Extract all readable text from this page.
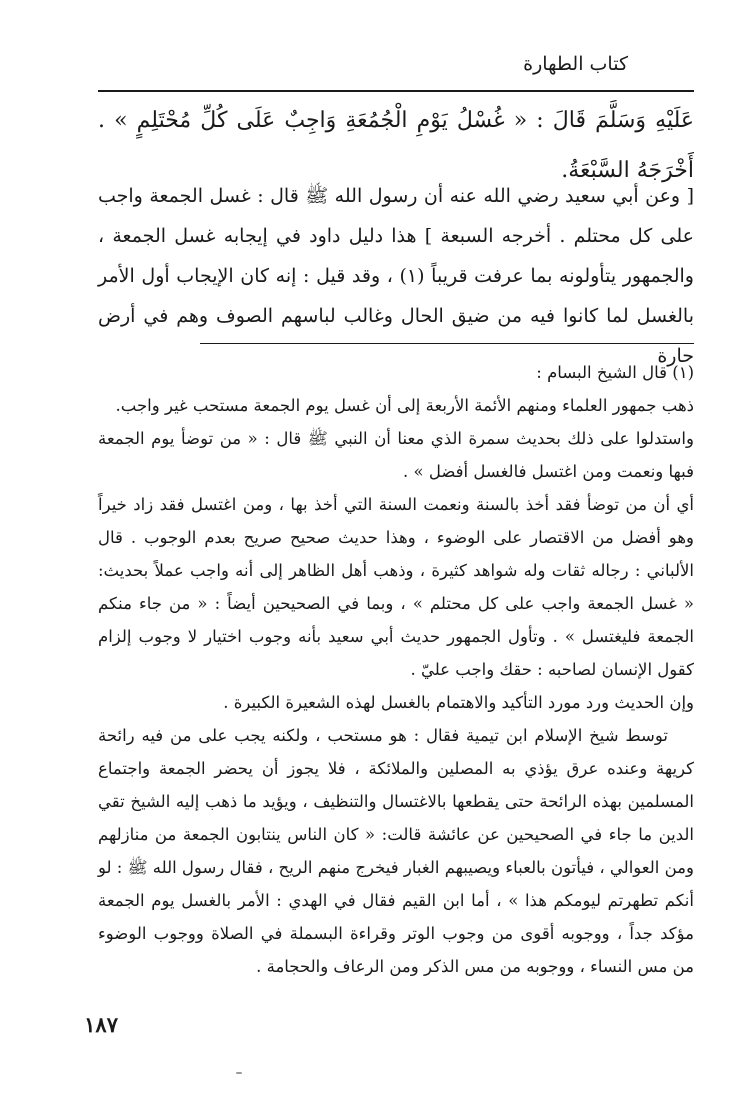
كتاب الطهارة

عَلَيْهِ وَسَلَّمَ قَالَ : « غُسْلُ يَوْمِ الْجُمُعَةِ وَاجِبٌ عَلَى كُلِّ مُحْتَلِمٍ » . أَخْرَجَهُ السَّبْعَةُ.

[ وعن أبي سعيد رضي الله عنه أن رسول الله ﷺ قال : غسل الجمعة واجب على كل محتلم . أخرجه السبعة ] هذا دليل داود في إيجابه غسل الجمعة ، والجمهور يتأولونه بما عرفت قريباً (١) ، وقد قيل : إنه كان الإيجاب أول الأمر بالغسل لما كانوا فيه من ضيق الحال وغالب لباسهم الصوف وهم في أرض حارة

(١) قال الشيخ البسام :

ذهب جمهور العلماء ومنهم الأئمة الأربعة إلى أن غسل يوم الجمعة مستحب غير واجب.

واستدلوا على ذلك بحديث سمرة الذي معنا أن النبي ﷺ قال : « من توضأ يوم الجمعة فبها ونعمت ومن اغتسل فالغسل أفضل » .

أي أن من توضأ فقد أخذ بالسنة ونعمت السنة التي أخذ بها ، ومن اغتسل فقد زاد خيراً وهو أفضل من الاقتصار على الوضوء ، وهذا حديث صحيح صريح بعدم الوجوب . قال الألباني : رجاله ثقات وله شواهد كثيرة ، وذهب أهل الظاهر إلى أنه واجب عملاً بحديث: « غسل الجمعة واجب على كل محتلم » ، وبما في الصحيحين أيضاً : « من جاء منكم الجمعة فليغتسل » . وتأول الجمهور حديث أبي سعيد بأنه وجوب اختيار لا وجوب إلزام كقول الإنسان لصاحبه : حقك واجب عليّ .

وإن الحديث ورد مورد التأكيد والاهتمام بالغسل لهذه الشعيرة الكبيرة .

توسط شيخ الإسلام ابن تيمية فقال : هو مستحب ، ولكنه يجب على من فيه رائحة كريهة وعنده عرق يؤذي به المصلين والملائكة ، فلا يجوز أن يحضر الجمعة واجتماع المسلمين بهذه الرائحة حتى يقطعها بالاغتسال والتنظيف ، ويؤيد ما ذهب إليه الشيخ تقي الدين ما جاء في الصحيحين عن عائشة قالت: « كان الناس ينتابون الجمعة من منازلهم ومن العوالي ، فيأتون بالعباء ويصيبهم الغبار فيخرج منهم الريح ، فقال رسول الله ﷺ : لو أنكم تطهرتم ليومكم هذا » ، أما ابن القيم فقال في الهدي : الأمر بالغسل يوم الجمعة مؤكد جداً ، ووجوبه أقوى من وجوب الوتر وقراءة البسملة في الصلاة ووجوب الوضوء من مس النساء ، ووجوبه من مس الذكر ومن الرعاف والحجامة .

١٨٧
